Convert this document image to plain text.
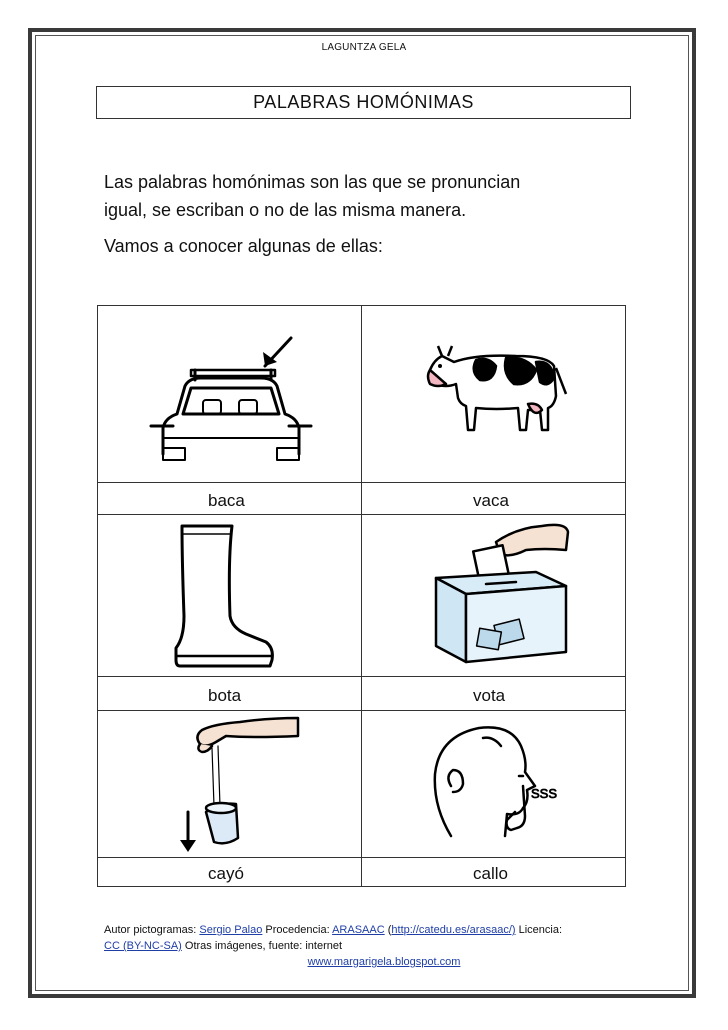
LAGUNTZA GELA
PALABRAS HOMÓNIMAS

Las palabras homónimas son las que se pronuncian

igual, se escriban o no de las misma manera.

Vamos a conocer algunas de ellas:

baca	vaca
bota	vota
SSS
cayó	callo
Autor pictogramas: Sergio Palao Procedencia: ARASAAC (http://catedu.es/arasaac/) Licencia:
CC (BY-NC-SA) Otras imágenes, fuente: internet
www.margarigela.blogspot.com
